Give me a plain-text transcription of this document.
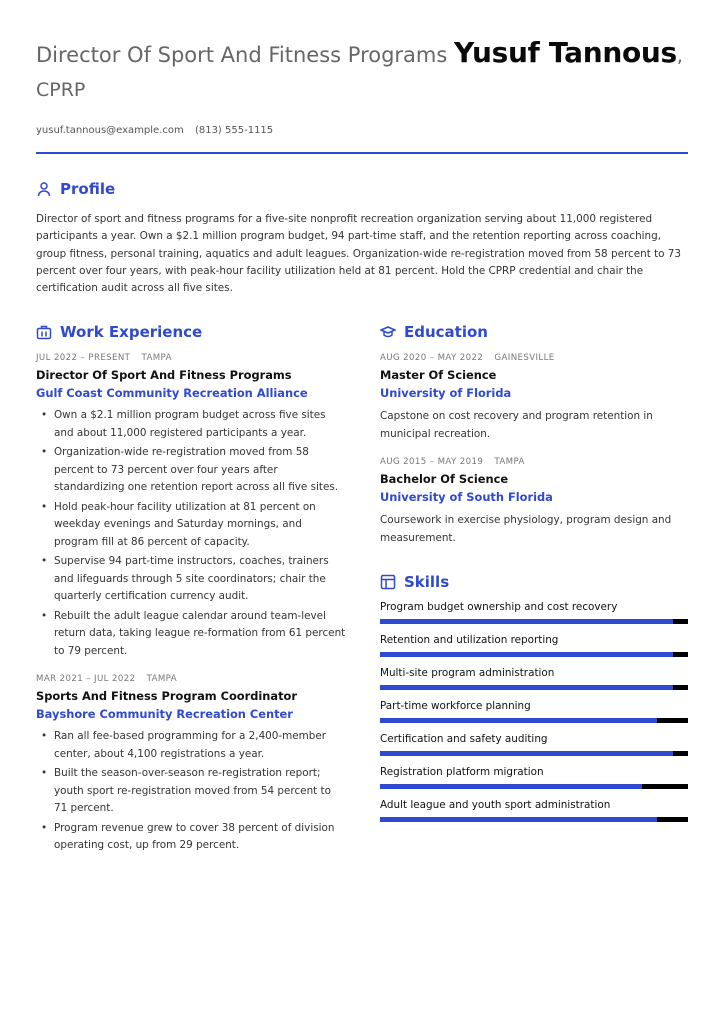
Director Of Sport And Fitness Programs Yusuf Tannous, CPRP
yusuf.tannous@example.com (813) 555-1115
Profile

Director of sport and fitness programs for a five-site nonprofit recreation organization serving about 11,000 registered participants a year. Own a $2.1 million program budget, 94 part-time staff, and the retention reporting across coaching, group fitness, personal training, aquatics and adult leagues. Organization-wide re-registration moved from 58 percent to 73 percent over four years, with peak-hour facility utilization held at 81 percent. Hold the CPRP credential and chair the certification audit across all five sites.

Work Experience
JUL 2022 – PRESENT TAMPA
Director Of Sport And Fitness Programs
Gulf Coast Community Recreation Alliance
• Own a $2.1 million program budget across five sites and about 11,000 registered participants a year.
• Organization-wide re-registration moved from 58 percent to 73 percent over four years after standardizing one retention report across all five sites.
• Hold peak-hour facility utilization at 81 percent on weekday evenings and Saturday mornings, and program fill at 86 percent of capacity.
• Supervise 94 part-time instructors, coaches, trainers and lifeguards through 5 site coordinators; chair the quarterly certification currency audit.
• Rebuilt the adult league calendar around team-level return data, taking league re-formation from 61 percent to 79 percent.
MAR 2021 – JUL 2022 TAMPA
Sports And Fitness Program Coordinator
Bayshore Community Recreation Center
• Ran all fee-based programming for a 2,400-member center, about 4,100 registrations a year.
• Built the season-over-season re-registration report; youth sport re-registration moved from 54 percent to 71 percent.
• Program revenue grew to cover 38 percent of division operating cost, up from 29 percent.
Education
AUG 2020 – MAY 2022 GAINESVILLE
Master Of Science
University of Florida

Capstone on cost recovery and program retention in municipal recreation.

AUG 2015 – MAY 2019 TAMPA
Bachelor Of Science
University of South Florida

Coursework in exercise physiology, program design and measurement.

Skills
Program budget ownership and cost recovery
Retention and utilization reporting
Multi-site program administration
Part-time workforce planning
Certification and safety auditing
Registration platform migration
Adult league and youth sport administration
